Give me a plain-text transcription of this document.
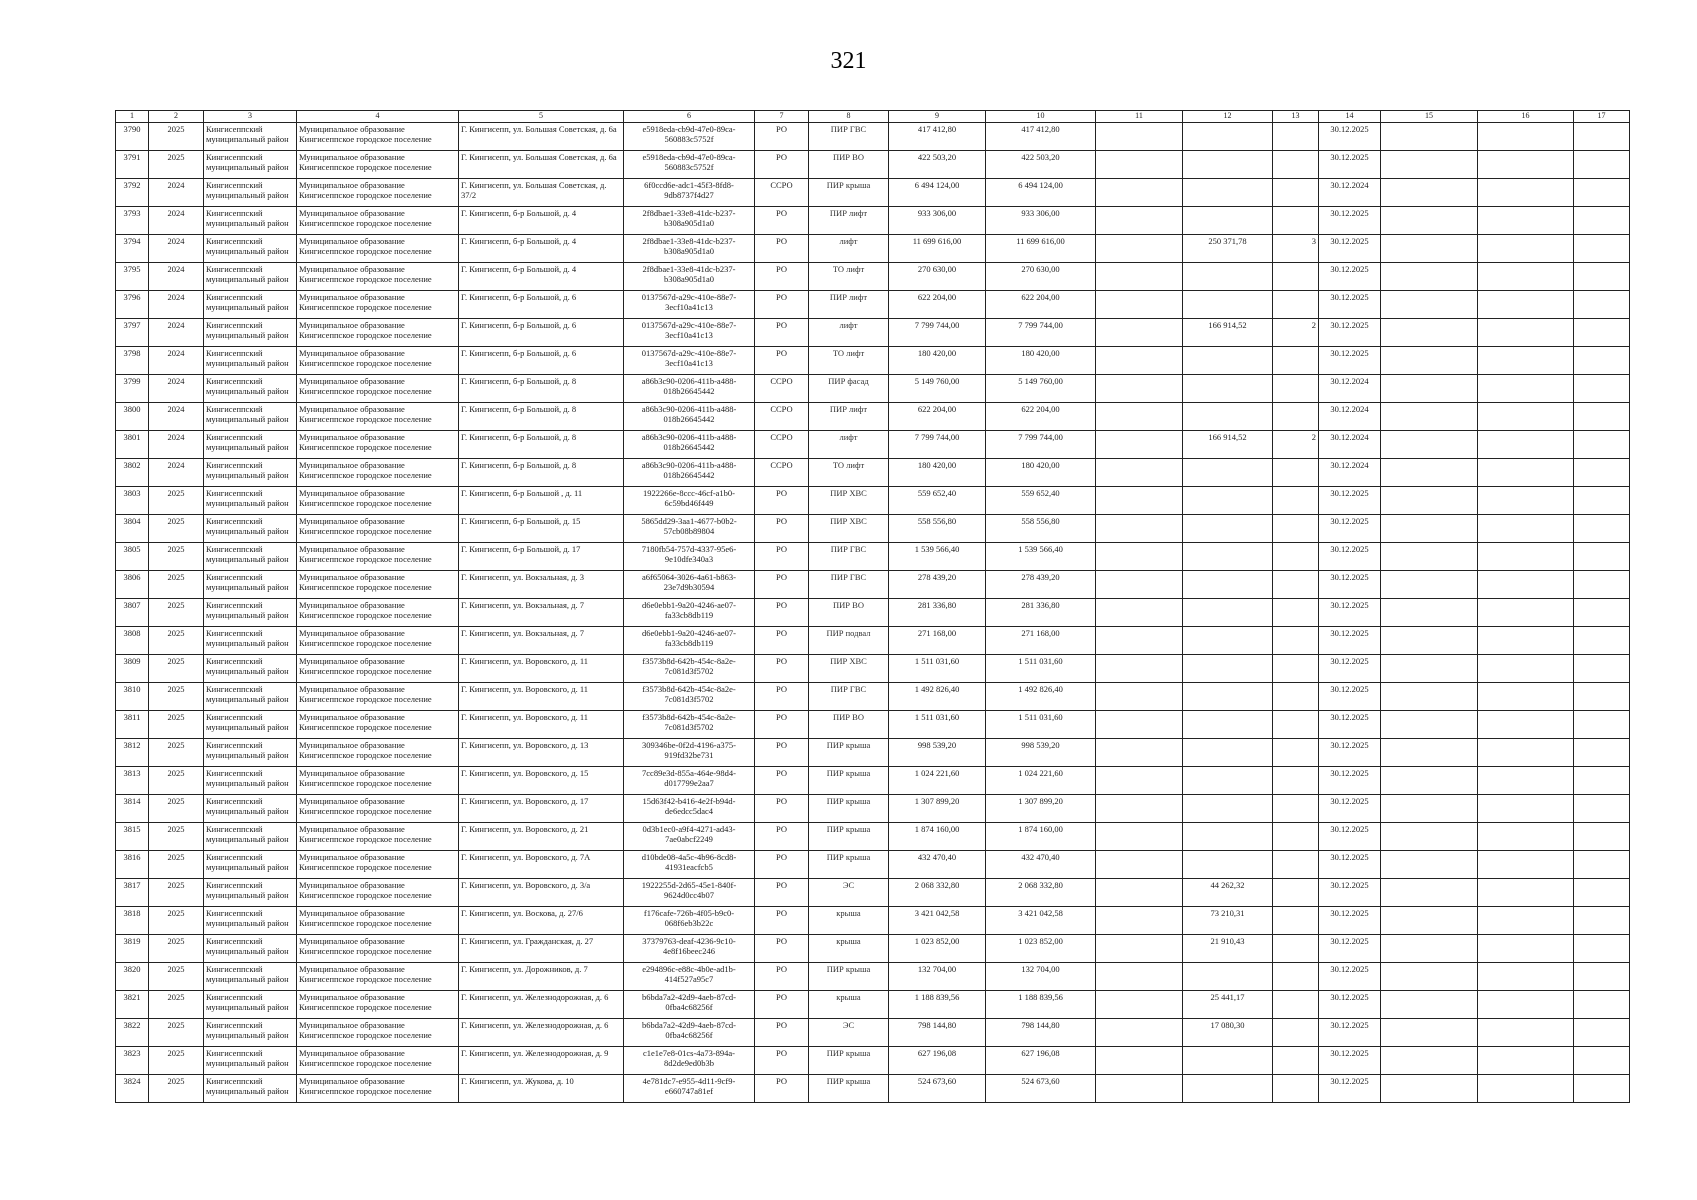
321
1	2	3	4	5	6	7	8	9	10	11	12	13	14	15	16	17
3790	2025	Кингисеппский муниципальный район	Муниципальное образование Кингисеппское городское поселение	Г. Кингисепп, ул. Большая Советская, д. 6а	e5918eda-cb9d-47e0-89ca-560883c5752f	РО	ПИР ГВС	417 412,80	417 412,80				30.12.2025			
3791	2025	Кингисеппский муниципальный район	Муниципальное образование Кингисеппское городское поселение	Г. Кингисепп, ул. Большая Советская, д. 6а	e5918eda-cb9d-47e0-89ca-560883c5752f	РО	ПИР ВО	422 503,20	422 503,20				30.12.2025			
3792	2024	Кингисеппский муниципальный район	Муниципальное образование Кингисеппское городское поселение	Г. Кингисепп, ул. Большая Советская, д. 37/2	6f0ccd6e-adc1-45f3-8fd8-9db8737f4d27	ССРО	ПИР крыша	6 494 124,00	6 494 124,00				30.12.2024			
3793	2024	Кингисеппский муниципальный район	Муниципальное образование Кингисеппское городское поселение	Г. Кингисепп, б-р Большой, д. 4	2f8dbae1-33e8-41dc-b237-b308a905d1a0	РО	ПИР лифт	933 306,00	933 306,00				30.12.2025			
3794	2024	Кингисеппский муниципальный район	Муниципальное образование Кингисеппское городское поселение	Г. Кингисепп, б-р Большой, д. 4	2f8dbae1-33e8-41dc-b237-b308a905d1a0	РО	лифт	11 699 616,00	11 699 616,00		250 371,78	3	30.12.2025			
3795	2024	Кингисеппский муниципальный район	Муниципальное образование Кингисеппское городское поселение	Г. Кингисепп, б-р Большой, д. 4	2f8dbae1-33e8-41dc-b237-b308a905d1a0	РО	ТО лифт	270 630,00	270 630,00				30.12.2025			
3796	2024	Кингисеппский муниципальный район	Муниципальное образование Кингисеппское городское поселение	Г. Кингисепп, б-р Большой, д. 6	0137567d-a29c-410e-88e7-3ecf10a41c13	РО	ПИР лифт	622 204,00	622 204,00				30.12.2025			
3797	2024	Кингисеппский муниципальный район	Муниципальное образование Кингисеппское городское поселение	Г. Кингисепп, б-р Большой, д. 6	0137567d-a29c-410e-88e7-3ecf10a41c13	РО	лифт	7 799 744,00	7 799 744,00		166 914,52	2	30.12.2025			
3798	2024	Кингисеппский муниципальный район	Муниципальное образование Кингисеппское городское поселение	Г. Кингисепп, б-р Большой, д. 6	0137567d-a29c-410e-88e7-3ecf10a41c13	РО	ТО лифт	180 420,00	180 420,00				30.12.2025			
3799	2024	Кингисеппский муниципальный район	Муниципальное образование Кингисеппское городское поселение	Г. Кингисепп, б-р Большой, д. 8	a86b3c90-0206-411b-a488-018b26645442	ССРО	ПИР фасад	5 149 760,00	5 149 760,00				30.12.2024			
3800	2024	Кингисеппский муниципальный район	Муниципальное образование Кингисеппское городское поселение	Г. Кингисепп, б-р Большой, д. 8	a86b3c90-0206-411b-a488-018b26645442	ССРО	ПИР лифт	622 204,00	622 204,00				30.12.2024			
3801	2024	Кингисеппский муниципальный район	Муниципальное образование Кингисеппское городское поселение	Г. Кингисепп, б-р Большой, д. 8	a86b3c90-0206-411b-a488-018b26645442	ССРО	лифт	7 799 744,00	7 799 744,00		166 914,52	2	30.12.2024			
3802	2024	Кингисеппский муниципальный район	Муниципальное образование Кингисеппское городское поселение	Г. Кингисепп, б-р Большой, д. 8	a86b3c90-0206-411b-a488-018b26645442	ССРО	ТО лифт	180 420,00	180 420,00				30.12.2024			
3803	2025	Кингисеппский муниципальный район	Муниципальное образование Кингисеппское городское поселение	Г. Кингисепп, б-р Большой , д. 11	1922266e-8ccc-46cf-a1b0-6c59bd46f449	РО	ПИР ХВС	559 652,40	559 652,40				30.12.2025			
3804	2025	Кингисеппский муниципальный район	Муниципальное образование Кингисеппское городское поселение	Г. Кингисепп, б-р Большой, д. 15	5865dd29-3aa1-4677-b0b2-57cb08b89804	РО	ПИР ХВС	558 556,80	558 556,80				30.12.2025			
3805	2025	Кингисеппский муниципальный район	Муниципальное образование Кингисеппское городское поселение	Г. Кингисепп, б-р Большой, д. 17	7180fb54-757d-4337-95e6-9e10dfe340a3	РО	ПИР ГВС	1 539 566,40	1 539 566,40				30.12.2025			
3806	2025	Кингисеппский муниципальный район	Муниципальное образование Кингисеппское городское поселение	Г. Кингисепп, ул. Вокзальная, д. 3	a6f65064-3026-4a61-b863-23e7d9b30594	РО	ПИР ГВС	278 439,20	278 439,20				30.12.2025			
3807	2025	Кингисеппский муниципальный район	Муниципальное образование Кингисеппское городское поселение	Г. Кингисепп, ул. Вокзальная, д. 7	d6e0ebb1-9a20-4246-ae07-fa33cb8db119	РО	ПИР ВО	281 336,80	281 336,80				30.12.2025			
3808	2025	Кингисеппский муниципальный район	Муниципальное образование Кингисеппское городское поселение	Г. Кингисепп, ул. Вокзальная, д. 7	d6e0ebb1-9a20-4246-ae07-fa33cb8db119	РО	ПИР подвал	271 168,00	271 168,00				30.12.2025			
3809	2025	Кингисеппский муниципальный район	Муниципальное образование Кингисеппское городское поселение	Г. Кингисепп, ул. Воровского, д. 11	f3573b8d-642b-454c-8a2e-7c081d3f5702	РО	ПИР ХВС	1 511 031,60	1 511 031,60				30.12.2025			
3810	2025	Кингисеппский муниципальный район	Муниципальное образование Кингисеппское городское поселение	Г. Кингисепп, ул. Воровского, д. 11	f3573b8d-642b-454c-8a2e-7c081d3f5702	РО	ПИР ГВС	1 492 826,40	1 492 826,40				30.12.2025			
3811	2025	Кингисеппский муниципальный район	Муниципальное образование Кингисеппское городское поселение	Г. Кингисепп, ул. Воровского, д. 11	f3573b8d-642b-454c-8a2e-7c081d3f5702	РО	ПИР ВО	1 511 031,60	1 511 031,60				30.12.2025			
3812	2025	Кингисеппский муниципальный район	Муниципальное образование Кингисеппское городское поселение	Г. Кингисепп, ул. Воровского, д. 13	309346be-0f2d-4196-a375-919fd32be731	РО	ПИР крыша	998 539,20	998 539,20				30.12.2025			
3813	2025	Кингисеппский муниципальный район	Муниципальное образование Кингисеппское городское поселение	Г. Кингисепп, ул. Воровского, д. 15	7cc89e3d-855a-464e-98d4-d017799e2aa7	РО	ПИР крыша	1 024 221,60	1 024 221,60				30.12.2025			
3814	2025	Кингисеппский муниципальный район	Муниципальное образование Кингисеппское городское поселение	Г. Кингисепп, ул. Воровского, д. 17	15d63f42-b416-4e2f-b94d-de6edcc5dac4	РО	ПИР крыша	1 307 899,20	1 307 899,20				30.12.2025			
3815	2025	Кингисеппский муниципальный район	Муниципальное образование Кингисеппское городское поселение	Г. Кингисепп, ул. Воровского, д. 21	0d3b1ec0-a9f4-4271-ad43-7ae0abcf2249	РО	ПИР крыша	1 874 160,00	1 874 160,00				30.12.2025			
3816	2025	Кингисеппский муниципальный район	Муниципальное образование Кингисеппское городское поселение	Г. Кингисепп, ул. Воровского, д. 7А	d10bde08-4a5c-4b96-8cd8-41931eacfcb5	РО	ПИР крыша	432 470,40	432 470,40				30.12.2025			
3817	2025	Кингисеппский муниципальный район	Муниципальное образование Кингисеппское городское поселение	Г. Кингисепп, ул. Воровского, д. 3/а	1922255d-2d65-45e1-840f-9624d0cc4b07	РО	ЭС	2 068 332,80	2 068 332,80		44 262,32		30.12.2025			
3818	2025	Кингисеппский муниципальный район	Муниципальное образование Кингисеппское городское поселение	Г. Кингисепп, ул. Воскова, д. 27/6	f176cafe-726b-4f05-b9c0-068f6eb3b22c	РО	крыша	3 421 042,58	3 421 042,58		73 210,31		30.12.2025			
3819	2025	Кингисеппский муниципальный район	Муниципальное образование Кингисеппское городское поселение	Г. Кингисепп, ул. Гражданская, д. 27	37379763-deaf-4236-9c10-4e8f16beec246	РО	крыша	1 023 852,00	1 023 852,00		21 910,43		30.12.2025			
3820	2025	Кингисеппский муниципальный район	Муниципальное образование Кингисеппское городское поселение	Г. Кингисепп, ул. Дорожников, д. 7	e294896c-e88c-4b0e-ad1b-414f527a95c7	РО	ПИР крыша	132 704,00	132 704,00				30.12.2025			
3821	2025	Кингисеппский муниципальный район	Муниципальное образование Кингисеппское городское поселение	Г. Кингисепп, ул. Железнодорожная, д. 6	b6bda7a2-42d9-4aeb-87cd-0fba4c68256f	РО	крыша	1 188 839,56	1 188 839,56		25 441,17		30.12.2025			
3822	2025	Кингисеппский муниципальный район	Муниципальное образование Кингисеппское городское поселение	Г. Кингисепп, ул. Железнодорожная, д. 6	b6bda7a2-42d9-4aeb-87cd-0fba4c68256f	РО	ЭС	798 144,80	798 144,80		17 080,30		30.12.2025			
3823	2025	Кингисеппский муниципальный район	Муниципальное образование Кингисеппское городское поселение	Г. Кингисепп, ул. Железнодорожная, д. 9	c1e1e7e8-01cs-4a73-894a-8d2de9ed0b3b	РО	ПИР крыша	627 196,08	627 196,08				30.12.2025			
3824	2025	Кингисеппский муниципальный район	Муниципальное образование Кингисеппское городское поселение	Г. Кингисепп, ул. Жукова, д. 10	4e781dc7-e955-4d11-9cf9-e660747a81ef	РО	ПИР крыша	524 673,60	524 673,60				30.12.2025			
